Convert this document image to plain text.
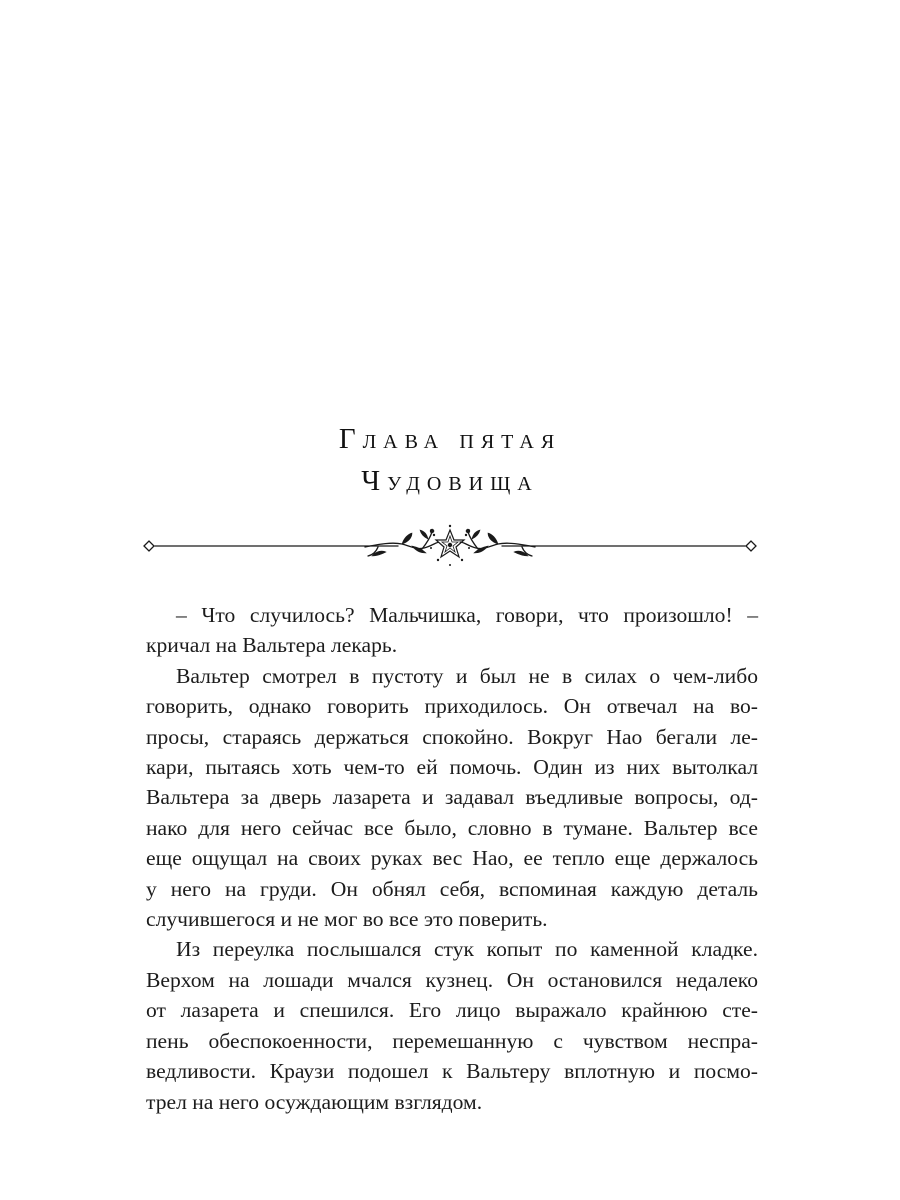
Глава пятая
Чудовища
– Что случилось? Мальчишка, говори, что произошло! –
кричал на Вальтера лекарь.
Вальтер смотрел в пустоту и был не в силах о чем-либо
говорить, однако говорить приходилось. Он отвечал на во-
просы, стараясь держаться спокойно. Вокруг Нао бегали ле-
кари, пытаясь хоть чем-то ей помочь. Один из них вытолкал
Вальтера за дверь лазарета и задавал въедливые вопросы, од-
нако для него сейчас все было, словно в тумане. Вальтер все
еще ощущал на своих руках вес Нао, ее тепло еще держалось
у него на груди. Он обнял себя, вспоминая каждую деталь
случившегося и не мог во все это поверить.
Из переулка послышался стук копыт по каменной кладке.
Верхом на лошади мчался кузнец. Он остановился недалеко
от лазарета и спешился. Его лицо выражало крайнюю сте-
пень обеспокоенности, перемешанную с чувством неспра-
ведливости. Краузи подошел к Вальтеру вплотную и посмо-
трел на него осуждающим взглядом.
